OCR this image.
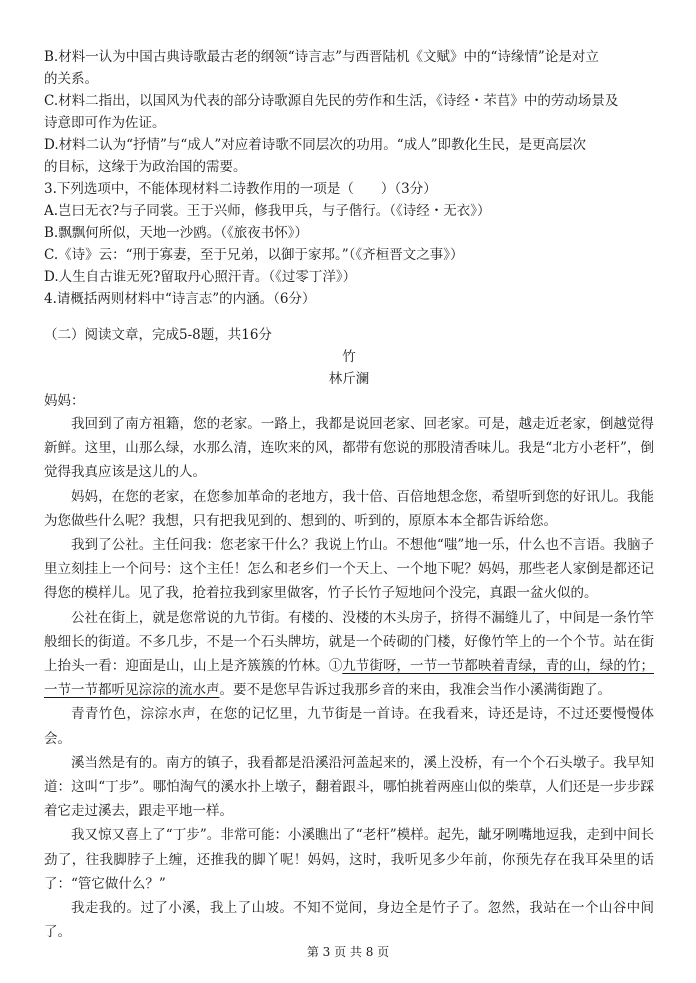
B.材料一认为中国古典诗歌最古老的纲领“诗言志”与西晋陆机《文赋》中的“诗缘情”论是对立
的关系。
C.材料二指出，以国风为代表的部分诗歌源自先民的劳作和生活，《诗经・芣苢》中的劳动场景及
诗意即可作为佐证。
D.材料二认为“抒情”与“成人”对应着诗歌不同层次的功用。“成人”即教化生民，是更高层次
的目标，这缘于为政治国的需要。
3.下列选项中，不能体现材料二诗教作用的一项是（　　）（3分）
A.岂曰无衣?与子同裳。王于兴师，修我甲兵，与子偕行。（《诗经・无衣》）
B.飘飘何所似，天地一沙鸥。（《旅夜书怀》）
C.《诗》云：“刑于寡妻，至于兄弟，以御于家邦。”（《齐桓晋文之事》）
D.人生自古谁无死?留取丹心照汗青。（《过零丁洋》）
4.请概括两则材料中“诗言志”的内涵。（6分）
（二）阅读文章，完成5-8题，共16分
竹
林斤澜
妈妈：
我回到了南方祖籍，您的老家。一路上，我都是说回老家、回老家。可是，越走近老家，倒越觉得新鲜。这里，山那么绿，水那么清，连吹来的风，都带有您说的那股清香味儿。我是“北方小老杆”，倒觉得我真应该是这儿的人。
妈妈，在您的老家，在您参加革命的老地方，我十倍、百倍地想念您，希望听到您的好讯儿。我能为您做些什么呢？我想，只有把我见到的、想到的、听到的，原原本本全都告诉给您。
我到了公社。主任问我：您老家干什么？我说上竹山。不想他“嗤”地一乐，什么也不言语。我脑子里立刻挂上一个问号：这个主任！怎么和老乡们一个天上、一个地下呢？妈妈，那些老人家倒是都还记得您的模样儿。见了我，抢着拉我到家里做客，竹子长竹子短地问个没完，真跟一盆火似的。
公社在街上，就是您常说的九节街。有楼的、没楼的木头房子，挤得不漏缝儿了，中间是一条竹竿般细长的街道。不多几步，不是一个石头牌坊，就是一个砖砌的门楼，好像竹竿上的一个个节。站在街上抬头一看：迎面是山，山上是齐簇簇的竹林。①九节街呀，一节一节都映着青绿，青的山，绿的竹；一节一节都听见淙淙的流水声。要不是您早告诉过我那乡音的来由，我准会当作小溪满街跑了。
青青竹色，淙淙水声，在您的记忆里，九节街是一首诗。在我看来，诗还是诗，不过还要慢慢体会。
溪当然是有的。南方的镇子，我看都是沿溪沿河盖起来的，溪上没桥，有一个个石头墩子。我早知道：这叫“丁步”。哪怕淘气的溪水扑上墩子，翻着跟斗，哪怕挑着两座山似的柴草，人们还是一步步踩着它走过溪去，跟走平地一样。
我又惊又喜上了“丁步”。非常可能：小溪瞧出了“老杆”模样。起先，龇牙咧嘴地逗我，走到中间长劲了，往我脚脖子上缠，还推我的脚丫呢！妈妈，这时，我听见多少年前，你预先存在我耳朵里的话了：“管它做什么？”
我走我的。过了小溪，我上了山坡。不知不觉间，身边全是竹子了。忽然，我站在一个山谷中间了。
第 3 页 共 8 页
